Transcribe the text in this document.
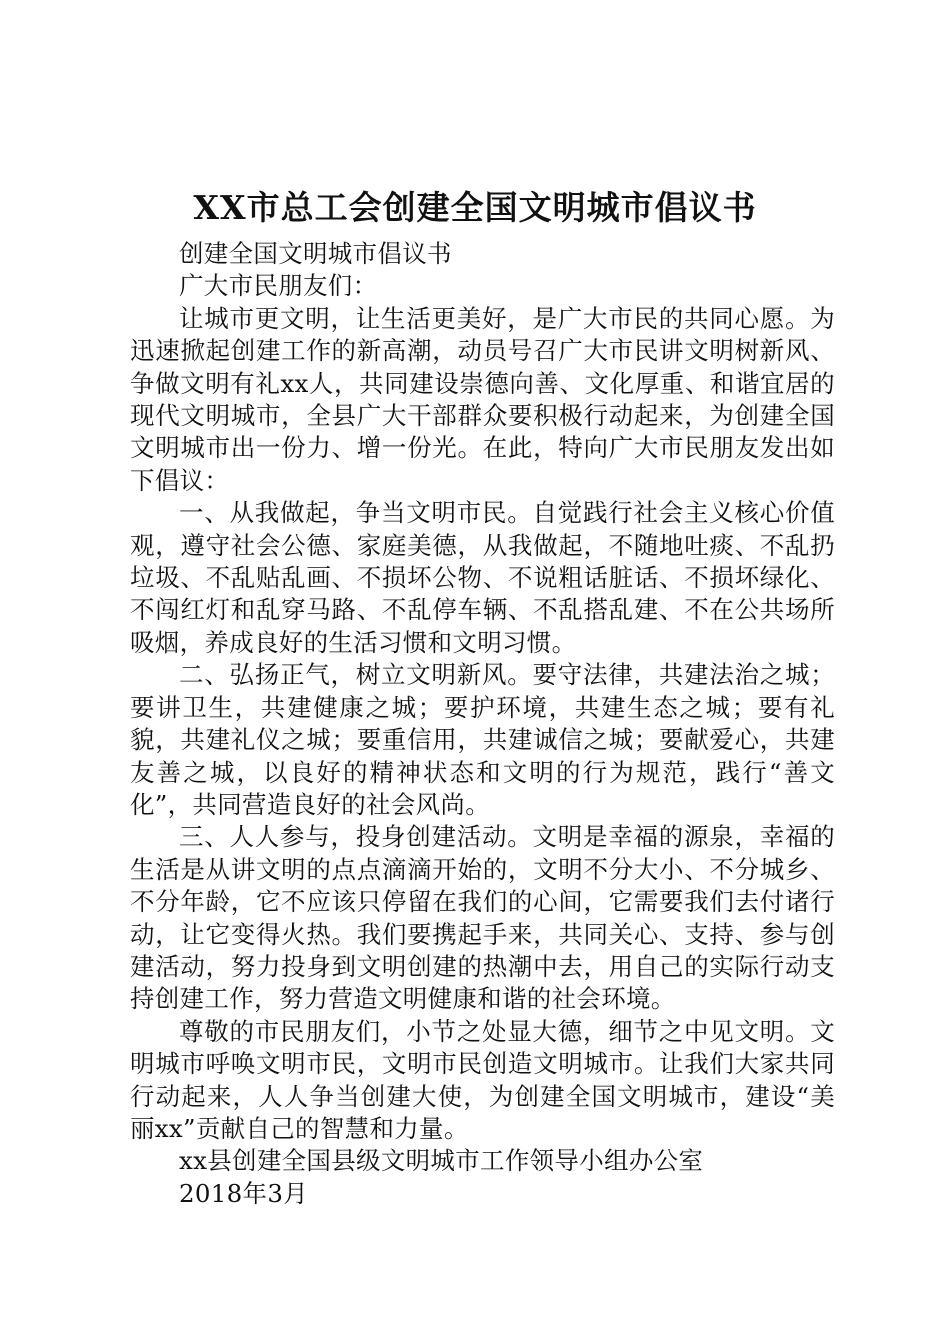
XX市总工会创建全国文明城市倡议书

创建全国文明城市倡议书

广大市民朋友们：

让城市更文明，让生活更美好，是广大市民的共同心愿。为迅速掀起创建工作的新高潮，动员号召广大市民讲文明树新风、争做文明有礼xx人，共同建设崇德向善、文化厚重、和谐宜居的现代文明城市，全县广大干部群众要积极行动起来，为创建全国文明城市出一份力、增一份光。在此，特向广大市民朋友发出如下倡议：

一、从我做起，争当文明市民。自觉践行社会主义核心价值观，遵守社会公德、家庭美德，从我做起，不随地吐痰、不乱扔垃圾、不乱贴乱画、不损坏公物、不说粗话脏话、不损坏绿化、不闯红灯和乱穿马路、不乱停车辆、不乱搭乱建、不在公共场所吸烟，养成良好的生活习惯和文明习惯。

二、弘扬正气，树立文明新风。要守法律，共建法治之城；要讲卫生，共建健康之城；要护环境，共建生态之城；要有礼貌，共建礼仪之城；要重信用，共建诚信之城；要献爱心，共建友善之城，以良好的精神状态和文明的行为规范，践行“善文化”，共同营造良好的社会风尚。

三、人人参与，投身创建活动。文明是幸福的源泉，幸福的生活是从讲文明的点点滴滴开始的，文明不分大小、不分城乡、不分年龄，它不应该只停留在我们的心间，它需要我们去付诸行动，让它变得火热。我们要携起手来，共同关心、支持、参与创建活动，努力投身到文明创建的热潮中去，用自己的实际行动支持创建工作，努力营造文明健康和谐的社会环境。

尊敬的市民朋友们，小节之处显大德，细节之中见文明。文明城市呼唤文明市民，文明市民创造文明城市。让我们大家共同行动起来，人人争当创建大使，为创建全国文明城市，建设“美丽xx”贡献自己的智慧和力量。

xx县创建全国县级文明城市工作领导小组办公室

2018年3月
